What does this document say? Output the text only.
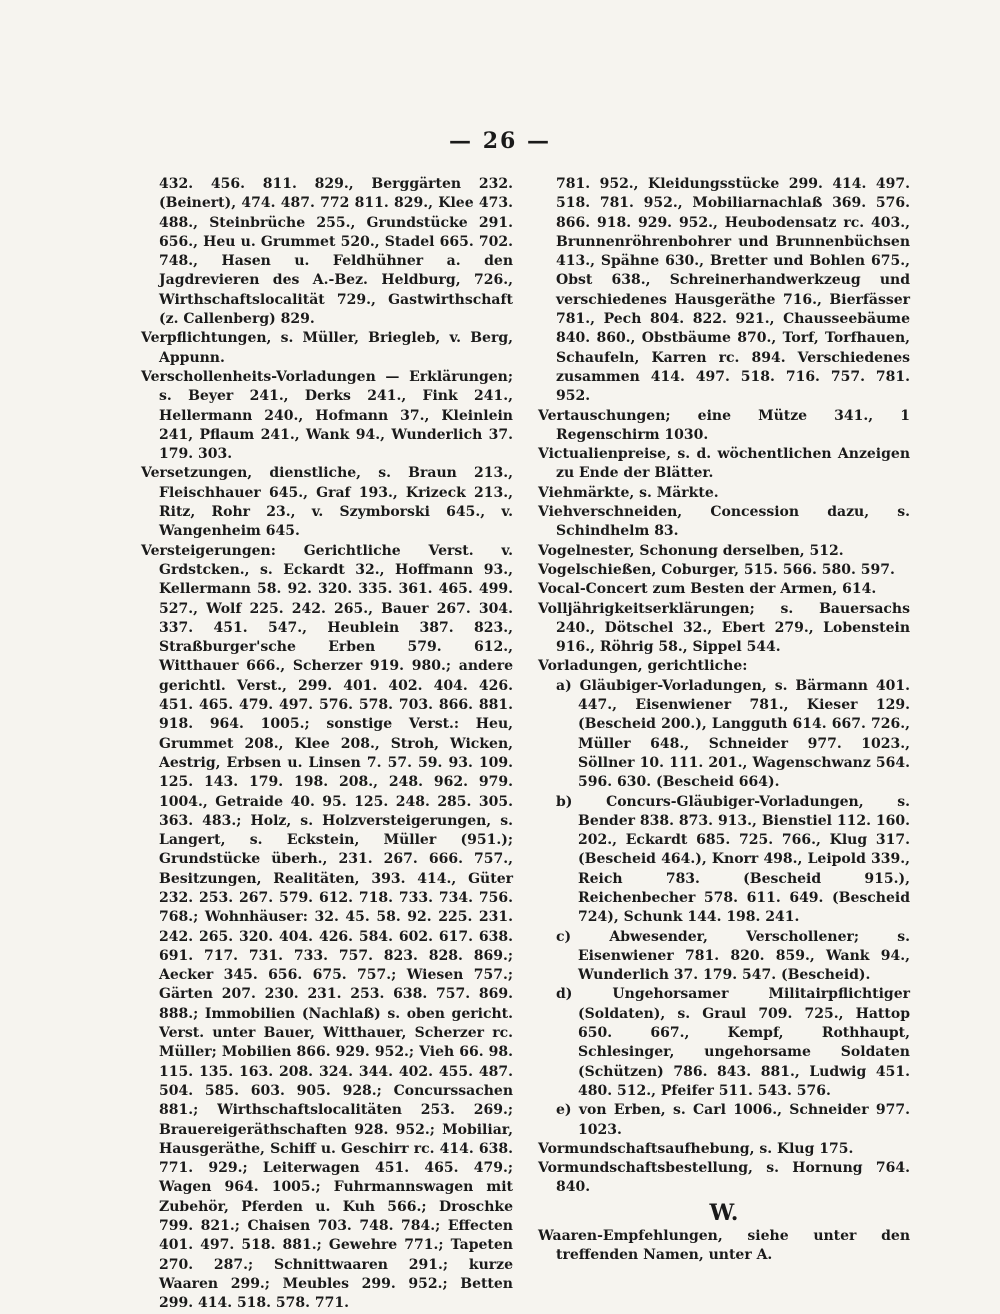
— 26 —

432. 456. 811. 829., Berggärten 232. (Beinert), 474. 487. 772 811. 829., Klee 473. 488., Steinbrüche 255., Grundstücke 291. 656., Heu u. Grummet 520., Stadel 665. 702. 748., Hasen u. Feldhühner a. den Jagdrevieren des A.-Bez. Heldburg, 726., Wirthschaftslocalität 729., Gastwirthschaft (z. Callenberg) 829.

Verpflichtungen, s. Müller, Briegleb, v. Berg, Appunn.

Verschollenheits-Vorladungen — Erklärungen; s. Beyer 241., Derks 241., Fink 241., Hellermann 240., Hofmann 37., Kleinlein 241, Pflaum 241., Wank 94., Wunderlich 37. 179. 303.

Versetzungen, dienstliche, s. Braun 213., Fleischhauer 645., Graf 193., Krizeck 213., Ritz, Rohr 23., v. Szymborski 645., v. Wangenheim 645.

Versteigerungen: Gerichtliche Verst. v. Grdstcken., s. Eckardt 32., Hoffmann 93., Kellermann 58. 92. 320. 335. 361. 465. 499. 527., Wolf 225. 242. 265., Bauer 267. 304. 337. 451. 547., Heublein 387. 823., Straßburger'sche Erben 579. 612., Witthauer 666., Scherzer 919. 980.; andere gerichtl. Verst., 299. 401. 402. 404. 426. 451. 465. 479. 497. 576. 578. 703. 866. 881. 918. 964. 1005.; sonstige Verst.: Heu, Grummet 208., Klee 208., Stroh, Wicken, Aestrig, Erbsen u. Linsen 7. 57. 59. 93. 109. 125. 143. 179. 198. 208., 248. 962. 979. 1004., Getraide 40. 95. 125. 248. 285. 305. 363. 483.; Holz, s. Holzversteigerungen, s. Langert, s. Eckstein, Müller (951.); Grundstücke überh., 231. 267. 666. 757., Besitzungen, Realitäten, 393. 414., Güter 232. 253. 267. 579. 612. 718. 733. 734. 756. 768.; Wohnhäuser: 32. 45. 58. 92. 225. 231. 242. 265. 320. 404. 426. 584. 602. 617. 638. 691. 717. 731. 733. 757. 823. 828. 869.; Aecker 345. 656. 675. 757.; Wiesen 757.; Gärten 207. 230. 231. 253. 638. 757. 869. 888.; Immobilien (Nachlaß) s. oben gericht. Verst. unter Bauer, Witthauer, Scherzer rc. Müller; Mobilien 866. 929. 952.; Vieh 66. 98. 115. 135. 163. 208. 324. 344. 402. 455. 487. 504. 585. 603. 905. 928.; Concurssachen 881.; Wirthschaftslocalitäten 253. 269.; Brauereigeräthschaften 928. 952.; Mobiliar, Hausgeräthe, Schiff u. Geschirr rc. 414. 638. 771. 929.; Leiterwagen 451. 465. 479.; Wagen 964. 1005.; Fuhrmannswagen mit Zubehör, Pferden u. Kuh 566.; Droschke 799. 821.; Chaisen 703. 748. 784.; Effecten 401. 497. 518. 881.; Gewehre 771.; Tapeten 270. 287.; Schnittwaaren 291.; kurze Waaren 299.; Meubles 299. 952.; Betten 299. 414. 518. 578. 771.

781. 952., Kleidungsstücke 299. 414. 497. 518. 781. 952., Mobiliarnachlaß 369. 576. 866. 918. 929. 952., Heubodensatz rc. 403., Brunnenröhrenbohrer und Brunnenbüchsen 413., Spähne 630., Bretter und Bohlen 675., Obst 638., Schreinerhandwerkzeug und verschiedenes Hausgeräthe 716., Bierfässer 781., Pech 804. 822. 921., Chausseebäume 840. 860., Obstbäume 870., Torf, Torfhauen, Schaufeln, Karren rc. 894. Verschiedenes zusammen 414. 497. 518. 716. 757. 781. 952.

Vertauschungen; eine Mütze 341., 1 Regenschirm 1030.

Victualienpreise, s. d. wöchentlichen Anzeigen zu Ende der Blätter.

Viehmärkte, s. Märkte.

Viehverschneiden, Concession dazu, s. Schindhelm 83.

Vogelnester, Schonung derselben, 512.

Vogelschießen, Coburger, 515. 566. 580. 597.

Vocal-Concert zum Besten der Armen, 614.

Volljährigkeitserklärungen; s. Bauersachs 240., Dötschel 32., Ebert 279., Lobenstein 916., Röhrig 58., Sippel 544.

Vorladungen, gerichtliche:

a) Gläubiger-Vorladungen, s. Bärmann 401. 447., Eisenwiener 781., Kieser 129. (Bescheid 200.), Langguth 614. 667. 726., Müller 648., Schneider 977. 1023., Söllner 10. 111. 201., Wagenschwanz 564. 596. 630. (Bescheid 664).

b) Concurs-Gläubiger-Vorladungen, s. Bender 838. 873. 913., Bienstiel 112. 160. 202., Eckardt 685. 725. 766., Klug 317. (Bescheid 464.), Knorr 498., Leipold 339., Reich 783. (Bescheid 915.), Reichenbecher 578. 611. 649. (Bescheid 724), Schunk 144. 198. 241.

c) Abwesender, Verschollener; s. Eisenwiener 781. 820. 859., Wank 94., Wunderlich 37. 179. 547. (Bescheid).

d) Ungehorsamer Militairpflichtiger (Soldaten), s. Graul 709. 725., Hattop 650. 667., Kempf, Rothhaupt, Schlesinger, ungehorsame Soldaten (Schützen) 786. 843. 881., Ludwig 451. 480. 512., Pfeifer 511. 543. 576.

e) von Erben, s. Carl 1006., Schneider 977. 1023.

Vormundschaftsaufhebung, s. Klug 175.

Vormundschaftsbestellung, s. Hornung 764. 840.

W.

Waaren-Empfehlungen, siehe unter den treffenden Namen, unter A.
